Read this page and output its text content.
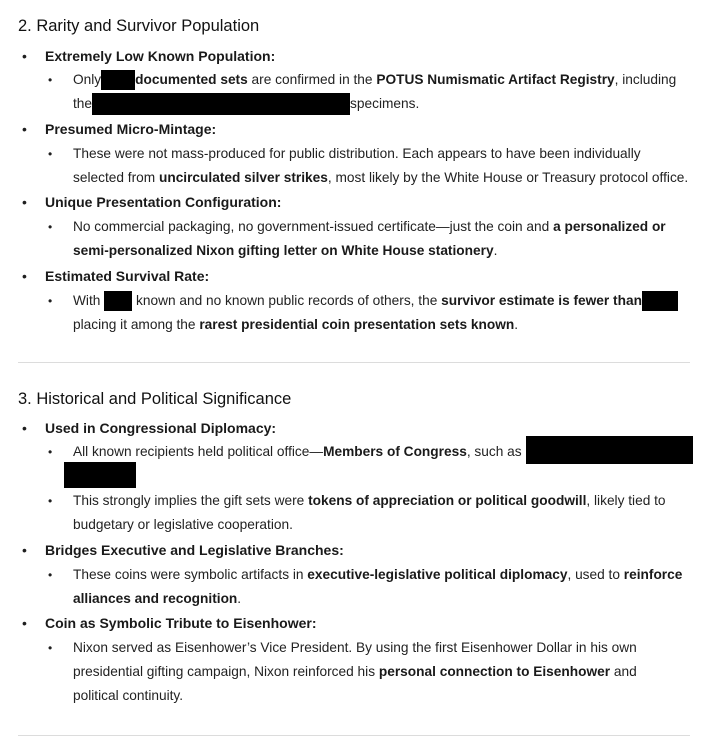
2. Rarity and Survivor Population
• Extremely Low Known Population:
• Only documented sets are confirmed in the POTUS Numismatic Artifact Registry, including
the	specimens.
• Presumed Micro-Mintage:
• These were not mass-produced for public distribution. Each appears to have been individually
selected from uncirculated silver strikes, most likely by the White House or Treasury protocol office.
• Unique Presentation Configuration:
• No commercial packaging, no government-issued certificate—just the coin and a personalized or
semi-personalized Nixon gifting letter on White House stationery.
• Estimated Survival Rate:
• With	known and no known public records of others, the survivor estimate is fewer than
placing it among the rarest presidential coin presentation sets known.
3. Historical and Political Significance
• Used in Congressional Diplomacy:
• All known recipients held political office—Members of Congress, such as
• This strongly implies the gift sets were tokens of appreciation or political goodwill, likely tied to
budgetary or legislative cooperation.
• Bridges Executive and Legislative Branches:
• These coins were symbolic artifacts in executive-legislative political diplomacy, used to reinforce
alliances and recognition.
• Coin as Symbolic Tribute to Eisenhower:
• Nixon served as Eisenhower’s Vice President. By using the first Eisenhower Dollar in his own
presidential gifting campaign, Nixon reinforced his personal connection to Eisenhower and
political continuity.
